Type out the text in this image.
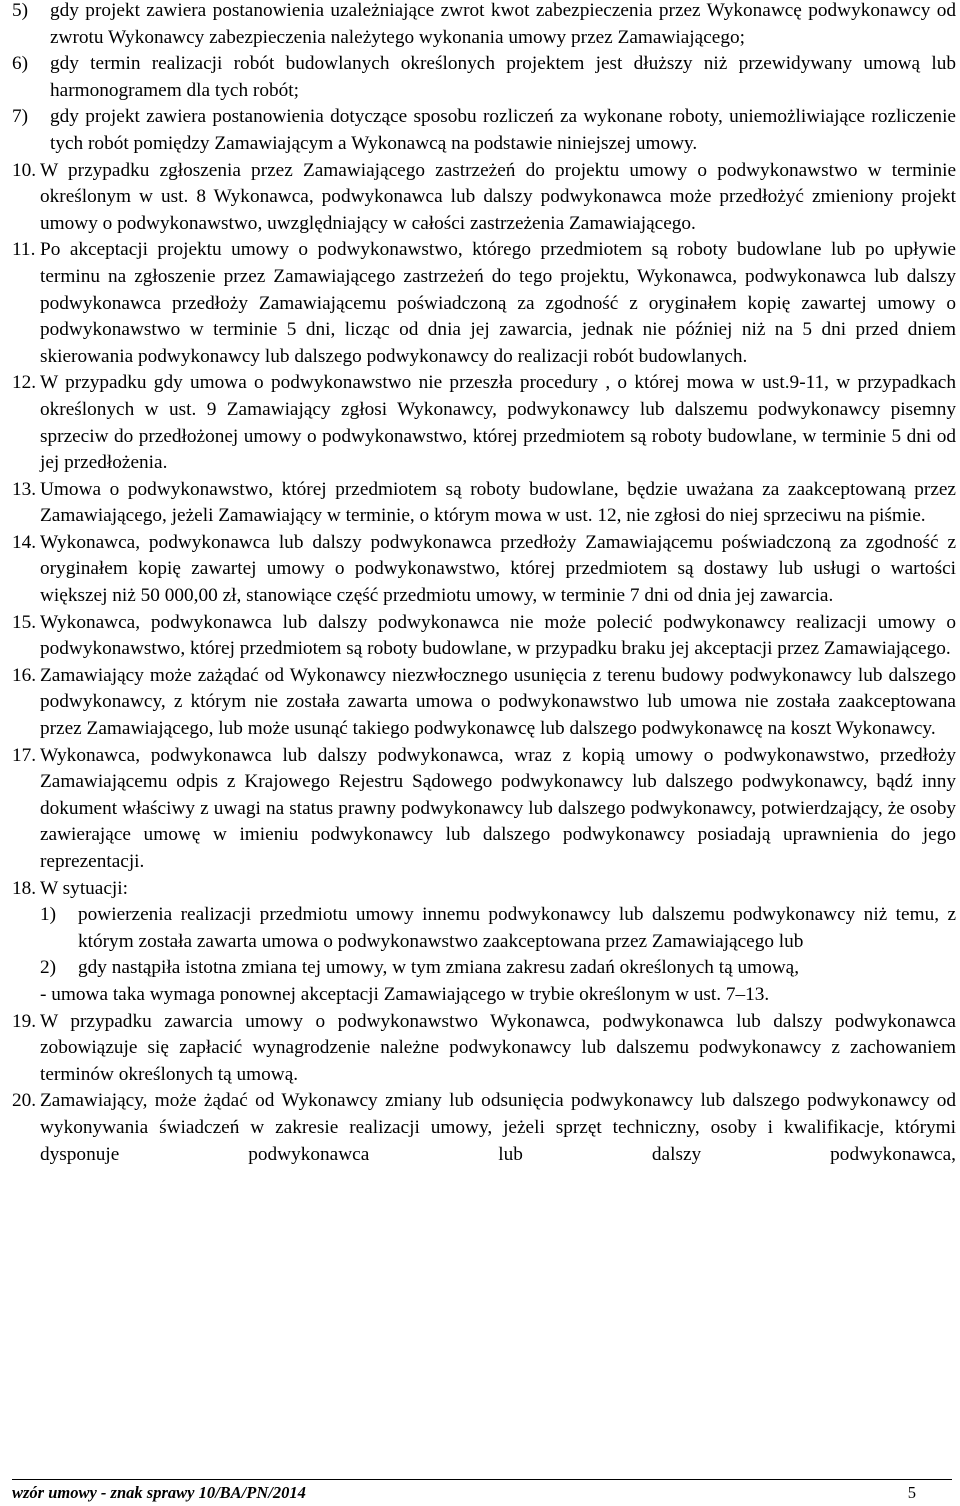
5)	gdy projekt zawiera postanowienia uzależniające zwrot kwot zabezpieczenia przez Wykonawcę podwykonawcy od zwrotu Wykonawcy zabezpieczenia należytego wykonania umowy przez Zamawiającego;
6)	gdy termin realizacji robót budowlanych określonych projektem jest dłuższy niż przewidywany umową lub harmonogramem dla tych robót;
7)	gdy projekt zawiera postanowienia dotyczące sposobu rozliczeń za wykonane roboty, uniemożliwiające rozliczenie tych robót pomiędzy Zamawiającym a Wykonawcą na podstawie niniejszej umowy.
10. W przypadku zgłoszenia przez Zamawiającego zastrzeżeń do projektu umowy o podwykonawstwo w terminie określonym w ust. 8 Wykonawca, podwykonawca lub dalszy podwykonawca może przedłożyć zmieniony projekt umowy o podwykonawstwo, uwzględniający w całości zastrzeżenia Zamawiającego.
11. Po akceptacji projektu umowy o podwykonawstwo, którego przedmiotem są roboty budowlane lub po upływie terminu na zgłoszenie przez Zamawiającego zastrzeżeń do tego projektu, Wykonawca, podwykonawca lub dalszy podwykonawca przedłoży Zamawiającemu poświadczoną za zgodność z oryginałem kopię zawartej umowy o podwykonawstwo w terminie 5 dni, licząc od dnia jej zawarcia, jednak nie później niż na 5 dni przed dniem skierowania podwykonawcy lub dalszego podwykonawcy do realizacji robót budowlanych.
12. W przypadku gdy umowa o podwykonawstwo nie przeszła procedury , o której mowa w ust.9-11, w przypadkach określonych w ust. 9 Zamawiający zgłosi Wykonawcy, podwykonawcy lub dalszemu podwykonawcy pisemny sprzeciw do przedłożonej umowy o podwykonawstwo, której przedmiotem są roboty budowlane, w terminie 5 dni od jej przedłożenia.
13. Umowa o podwykonawstwo, której przedmiotem są roboty budowlane, będzie uważana za zaakceptowaną przez Zamawiającego, jeżeli Zamawiający w terminie, o którym mowa w ust. 12, nie zgłosi do niej sprzeciwu na piśmie.
14. Wykonawca, podwykonawca lub dalszy podwykonawca przedłoży Zamawiającemu poświadczoną za zgodność z oryginałem kopię zawartej umowy o podwykonawstwo, której przedmiotem są dostawy lub usługi o wartości większej niż 50 000,00 zł, stanowiące część przedmiotu umowy, w terminie 7 dni od dnia jej zawarcia.
15. Wykonawca, podwykonawca lub dalszy podwykonawca nie może polecić podwykonawcy realizacji umowy o podwykonawstwo, której przedmiotem są roboty budowlane, w przypadku braku jej akceptacji przez Zamawiającego.
16. Zamawiający może zażądać od Wykonawcy niezwłocznego usunięcia z terenu budowy podwykonawcy lub dalszego podwykonawcy, z którym nie została zawarta umowa o podwykonawstwo lub umowa nie została zaakceptowana przez Zamawiającego, lub może usunąć takiego podwykonawcę lub dalszego podwykonawcę na koszt Wykonawcy.
17. Wykonawca, podwykonawca lub dalszy podwykonawca, wraz z kopią umowy o podwykonawstwo, przedłoży Zamawiającemu odpis z Krajowego Rejestru Sądowego podwykonawcy lub dalszego podwykonawcy, bądź inny dokument właściwy z uwagi na status prawny podwykonawcy lub dalszego podwykonawcy, potwierdzający, że osoby zawierające umowę w imieniu podwykonawcy lub dalszego podwykonawcy posiadają uprawnienia do jego reprezentacji.
18. W sytuacji:
1)	powierzenia realizacji przedmiotu umowy innemu podwykonawcy lub dalszemu podwykonawcy niż temu, z którym została zawarta umowa o podwykonawstwo zaakceptowana przez Zamawiającego lub
2)	gdy nastąpiła istotna zmiana tej umowy, w tym zmiana zakresu zadań określonych tą umową,
- umowa taka wymaga ponownej akceptacji Zamawiającego w trybie określonym w ust. 7–13.
19. W przypadku zawarcia umowy o podwykonawstwo Wykonawca, podwykonawca lub dalszy podwykonawca zobowiązuje się zapłacić wynagrodzenie należne podwykonawcy lub dalszemu podwykonawcy z zachowaniem terminów określonych tą umową.
20. Zamawiający, może żądać od Wykonawcy zmiany lub odsunięcia podwykonawcy lub dalszego podwykonawcy od wykonywania świadczeń w zakresie realizacji umowy, jeżeli sprzęt techniczny, osoby i kwalifikacje, którymi dysponuje podwykonawca lub dalszy podwykonawca,
wzór umowy - znak sprawy 10/BA/PN/2014	5
